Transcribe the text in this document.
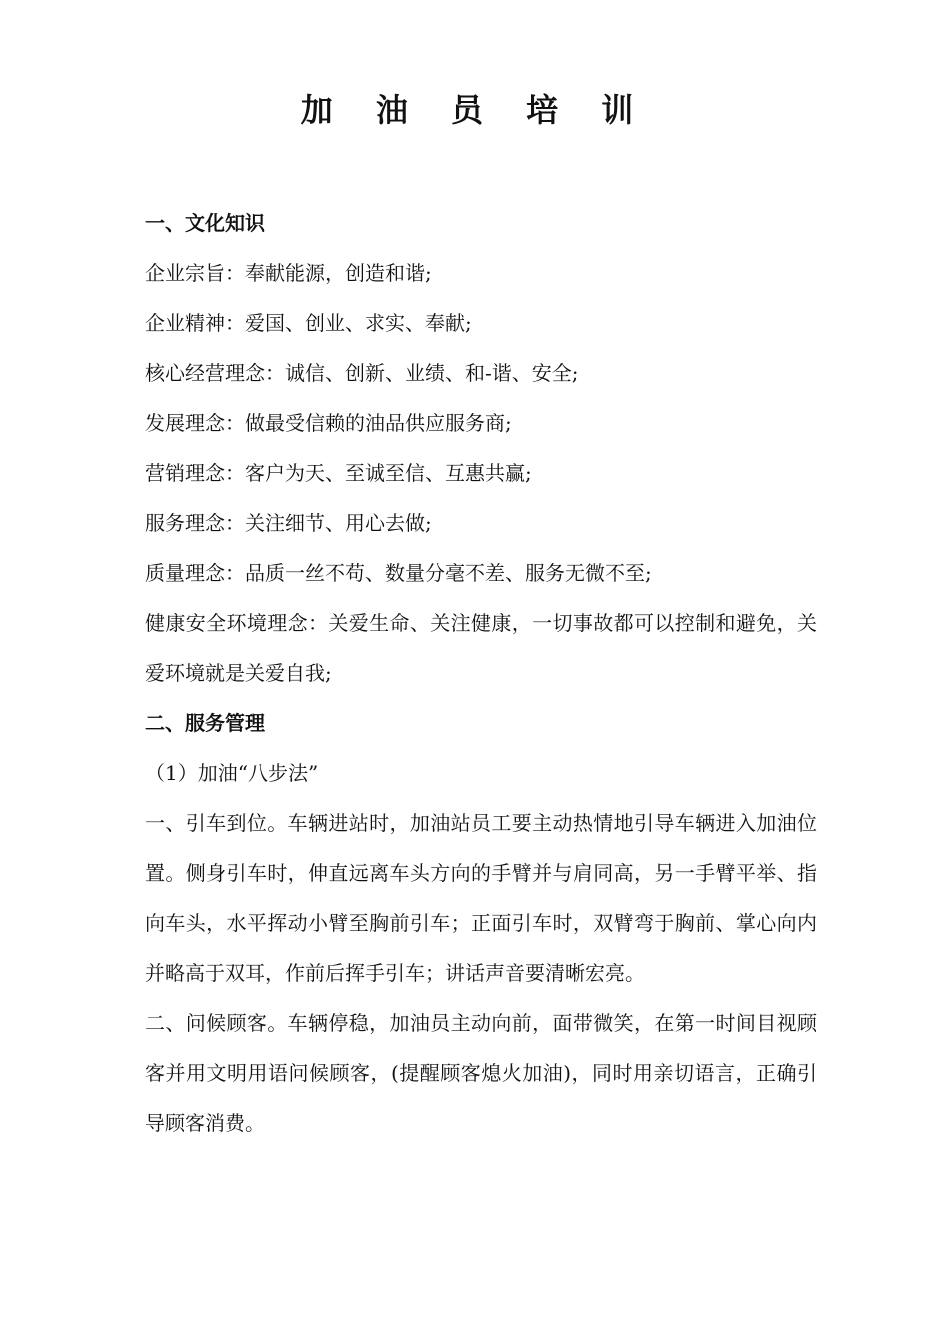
加 油 员 培 训

一、文化知识

企业宗旨：奉献能源，创造和谐;

企业精神：爱国、创业、求实、奉献;

核心经营理念：诚信、创新、业绩、和-谐、安全;

发展理念：做最受信赖的油品供应服务商;

营销理念：客户为天、至诚至信、互惠共赢;

服务理念：关注细节、用心去做;

质量理念：品质一丝不苟、数量分毫不差、服务无微不至;

健康安全环境理念：关爱生命、关注健康，一切事故都可以控制和避免，关爱环境就是关爱自我;

二、服务管理

（1）加油“八步法”

一、引车到位。车辆进站时，加油站员工要主动热情地引导车辆进入加油位置。侧身引车时，伸直远离车头方向的手臂并与肩同高，另一手臂平举、指向车头，水平挥动小臂至胸前引车；正面引车时，双臂弯于胸前、掌心向内并略高于双耳，作前后挥手引车；讲话声音要清晰宏亮。

二、问候顾客。车辆停稳，加油员主动向前，面带微笑，在第一时间目视顾客并用文明用语问候顾客，(提醒顾客熄火加油)，同时用亲切语言，正确引导顾客消费。
